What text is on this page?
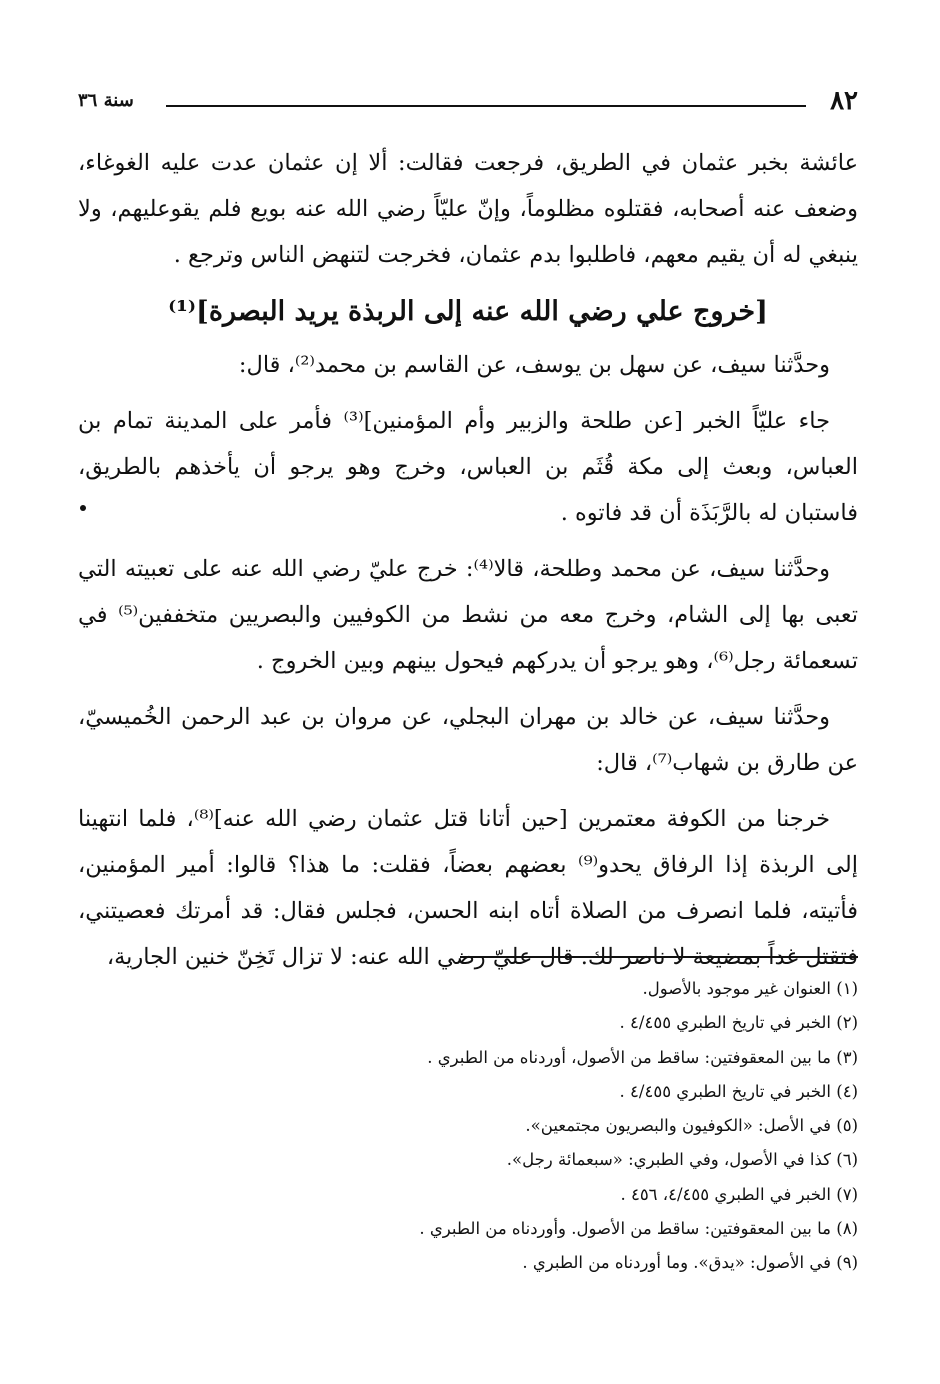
٨٢
سنة ٣٦

عائشة بخبر عثمان في الطريق، فرجعت فقالت: ألا إن عثمان عدت عليه الغوغاء، وضعف عنه أصحابه، فقتلوه مظلوماً، وإنّ عليّاً رضي الله عنه بويع فلم يقوعليهم، ولا ينبغي له أن يقيم معهم، فاطلبوا بدم عثمان، فخرجت لتنهض الناس وترجع .

[خروج علي رضي الله عنه إلى الربذة يريد البصرة]⁽¹⁾

وحدَّثنا سيف، عن سهل بن يوسف، عن القاسم بن محمد⁽²⁾، قال:

جاء عليّاً الخبر [عن طلحة والزبير وأم المؤمنين]⁽³⁾ فأمر على المدينة تمام بن العباس، وبعث إلى مكة قُثَم بن العباس، وخرج وهو يرجو أن يأخذهم بالطريق، فاستبان له بالرَّبَذَة أن قد فاتوه .

وحدَّثنا سيف، عن محمد وطلحة، قالا⁽⁴⁾: خرج عليّ رضي الله عنه على تعبيته التي تعبى بها إلى الشام، وخرج معه من نشط من الكوفيين والبصريين متخففين⁽⁵⁾ في تسعمائة رجل⁽⁶⁾، وهو يرجو أن يدركهم فيحول بينهم وبين الخروج .

وحدَّثنا سيف، عن خالد بن مهران البجلي، عن مروان بن عبد الرحمن الخُميسيّ، عن طارق بن شهاب⁽⁷⁾، قال:

خرجنا من الكوفة معتمرين [حين أتانا قتل عثمان رضي الله عنه]⁽⁸⁾، فلما انتهينا إلى الربذة إذا الرفاق يحدو⁽⁹⁾ بعضهم بعضاً، فقلت: ما هذا؟ قالوا: أمير المؤمنين، فأتيته، فلما انصرف من الصلاة أتاه ابنه الحسن، فجلس فقال: قد أمرتك فعصيتني، فتقتل غداً بمضيعة لا ناصر لك. قال عليّ رضي الله عنه: لا تزال تَخِنّ خنين الجارية،

(١) العنوان غير موجود بالأصول.
(٢) الخبر في تاريخ الطبري ٤/٤٥٥ .
(٣) ما بين المعقوفتين: ساقط من الأصول، أوردناه من الطبري .
(٤) الخبر في تاريخ الطبري ٤/٤٥٥ .
(٥) في الأصل: «الكوفيون والبصريون مجتمعين».
(٦) كذا في الأصول، وفي الطبري: «سبعمائة رجل».
(٧) الخبر في الطبري ٤/٤٥٥، ٤٥٦ .
(٨) ما بين المعقوفتين: ساقط من الأصول. وأوردناه من الطبري .
(٩) في الأصول: «يدق». وما أوردناه من الطبري .
